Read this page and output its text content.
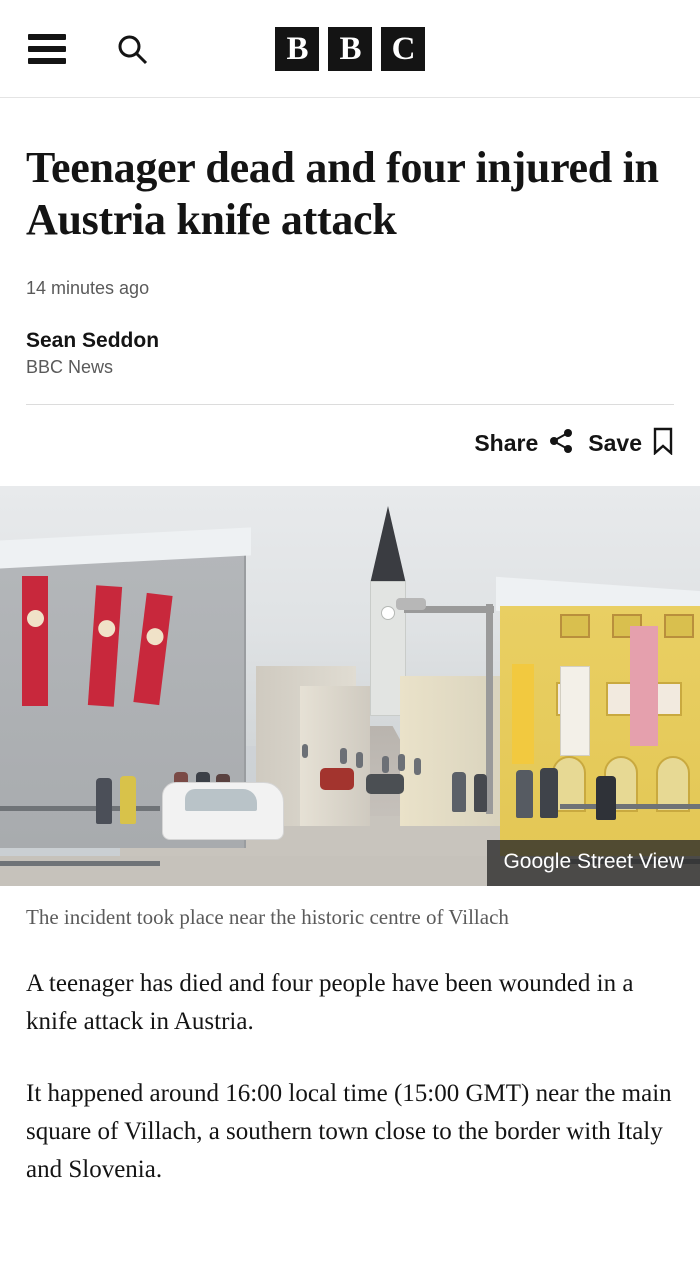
B B C
Teenager dead and four injured in Austria knife attack
14 minutes ago
Sean Seddon
BBC News
Share Save
Google Street View
The incident took place near the historic centre of Villach

A teenager has died and four people have been wounded in a knife attack in Austria.

It happened around 16:00 local time (15:00 GMT) near the main square of Villach, a southern town close to the border with Italy and Slovenia.
